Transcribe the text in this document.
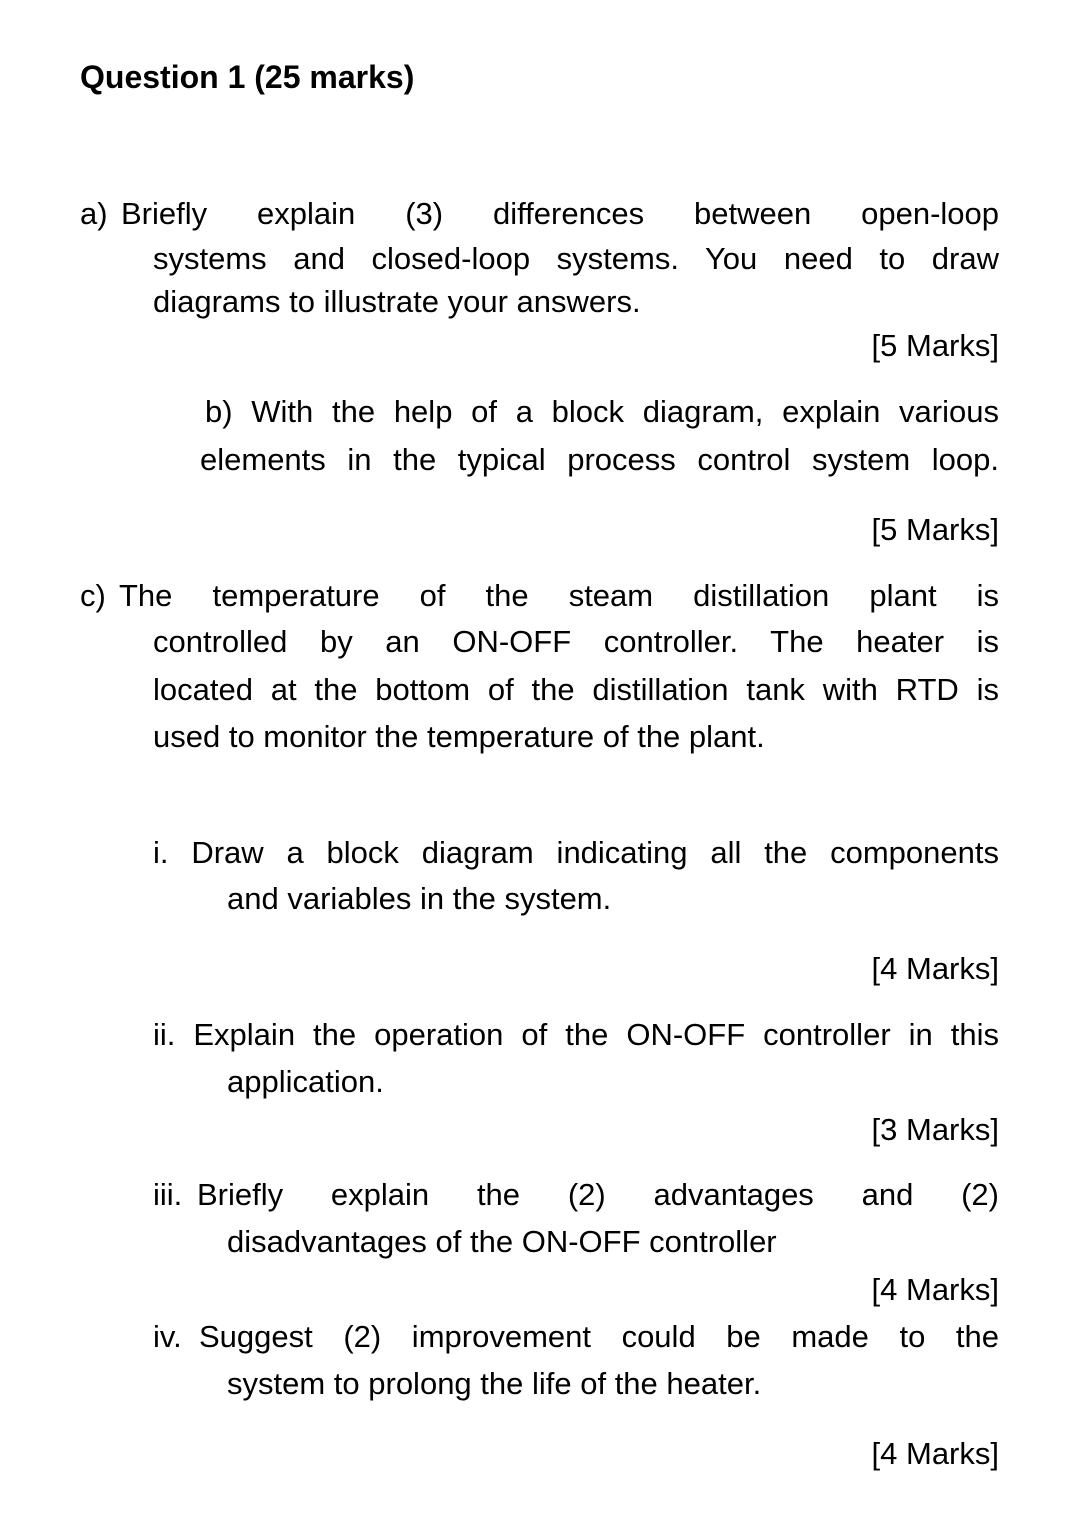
Question 1 (25 marks)
a) Briefly explain (3) differences between open-loop
systems and closed-loop systems. You need to draw
diagrams to illustrate your answers.
[5 Marks]
b) With the help of a block diagram, explain various
elements in the typical process control system loop.
[5 Marks]
c) The temperature of the steam distillation plant is
controlled by an ON-OFF controller. The heater is
located at the bottom of the distillation tank with RTD is
used to monitor the temperature of the plant.
i. Draw a block diagram indicating all the components
and variables in the system.
[4 Marks]
ii. Explain the operation of the ON-OFF controller in this
application.
[3 Marks]
iii. Briefly explain the (2) advantages and (2)
disadvantages of the ON-OFF controller
[4 Marks]
iv. Suggest (2) improvement could be made to the
system to prolong the life of the heater.
[4 Marks]
